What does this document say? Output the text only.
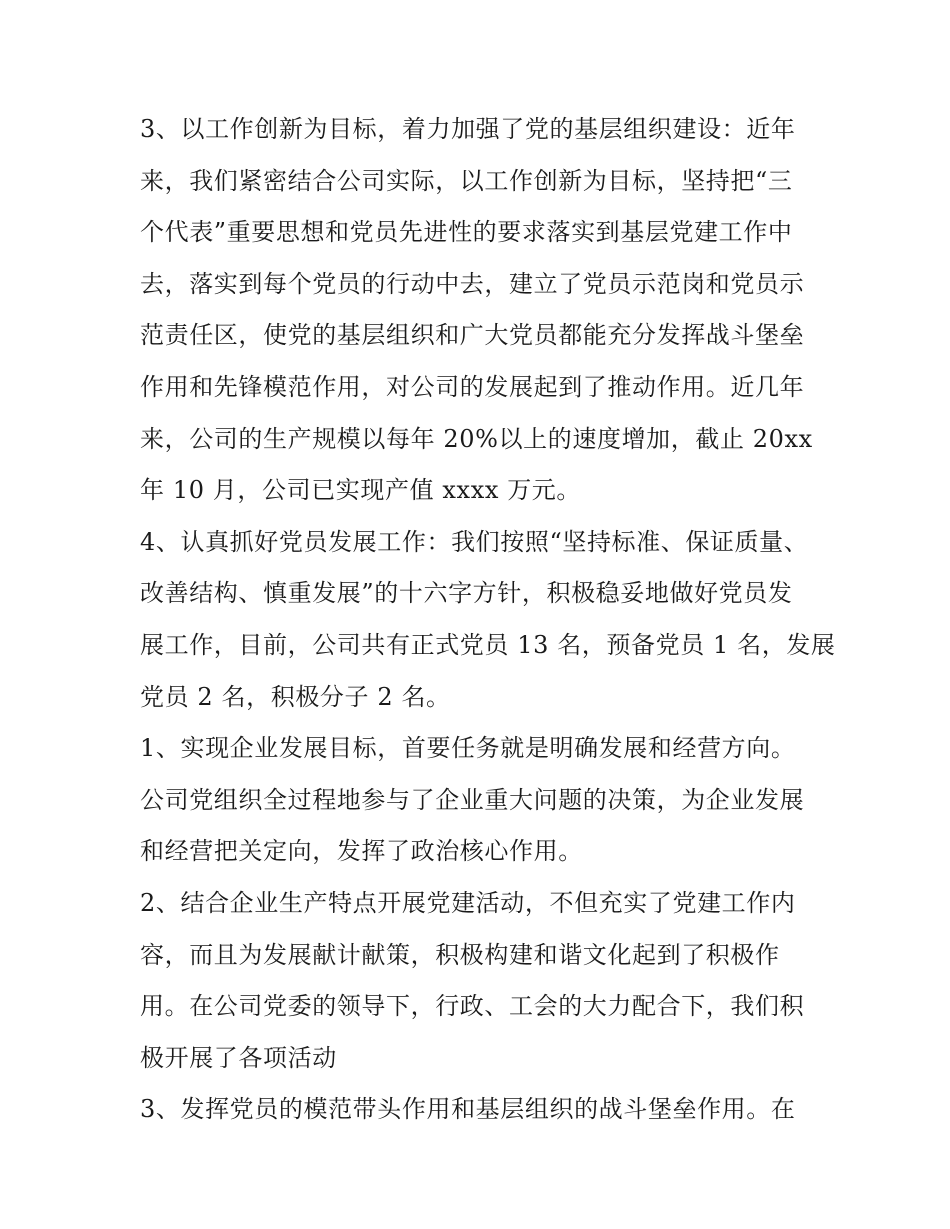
3、以工作创新为目标，着力加强了党的基层组织建设：近年
来，我们紧密结合公司实际，以工作创新为目标，坚持把“三
个代表”重要思想和党员先进性的要求落实到基层党建工作中
去，落实到每个党员的行动中去，建立了党员示范岗和党员示
范责任区，使党的基层组织和广大党员都能充分发挥战斗堡垒
作用和先锋模范作用，对公司的发展起到了推动作用。近几年
来，公司的生产规模以每年 20%以上的速度增加，截止 20xx
年 10 月，公司已实现产值 xxxx 万元。

4、认真抓好党员发展工作：我们按照“坚持标准、保证质量、
改善结构、慎重发展”的十六字方针，积极稳妥地做好党员发
展工作，目前，公司共有正式党员 13 名，预备党员 1 名，发展
党员 2 名，积极分子 2 名。

1、实现企业发展目标，首要任务就是明确发展和经营方向。
公司党组织全过程地参与了企业重大问题的决策，为企业发展
和经营把关定向，发挥了政治核心作用。

2、结合企业生产特点开展党建活动，不但充实了党建工作内
容，而且为发展献计献策，积极构建和谐文化起到了积极作
用。在公司党委的领导下，行政、工会的大力配合下，我们积
极开展了各项活动

3、发挥党员的模范带头作用和基层组织的战斗堡垒作用。在
